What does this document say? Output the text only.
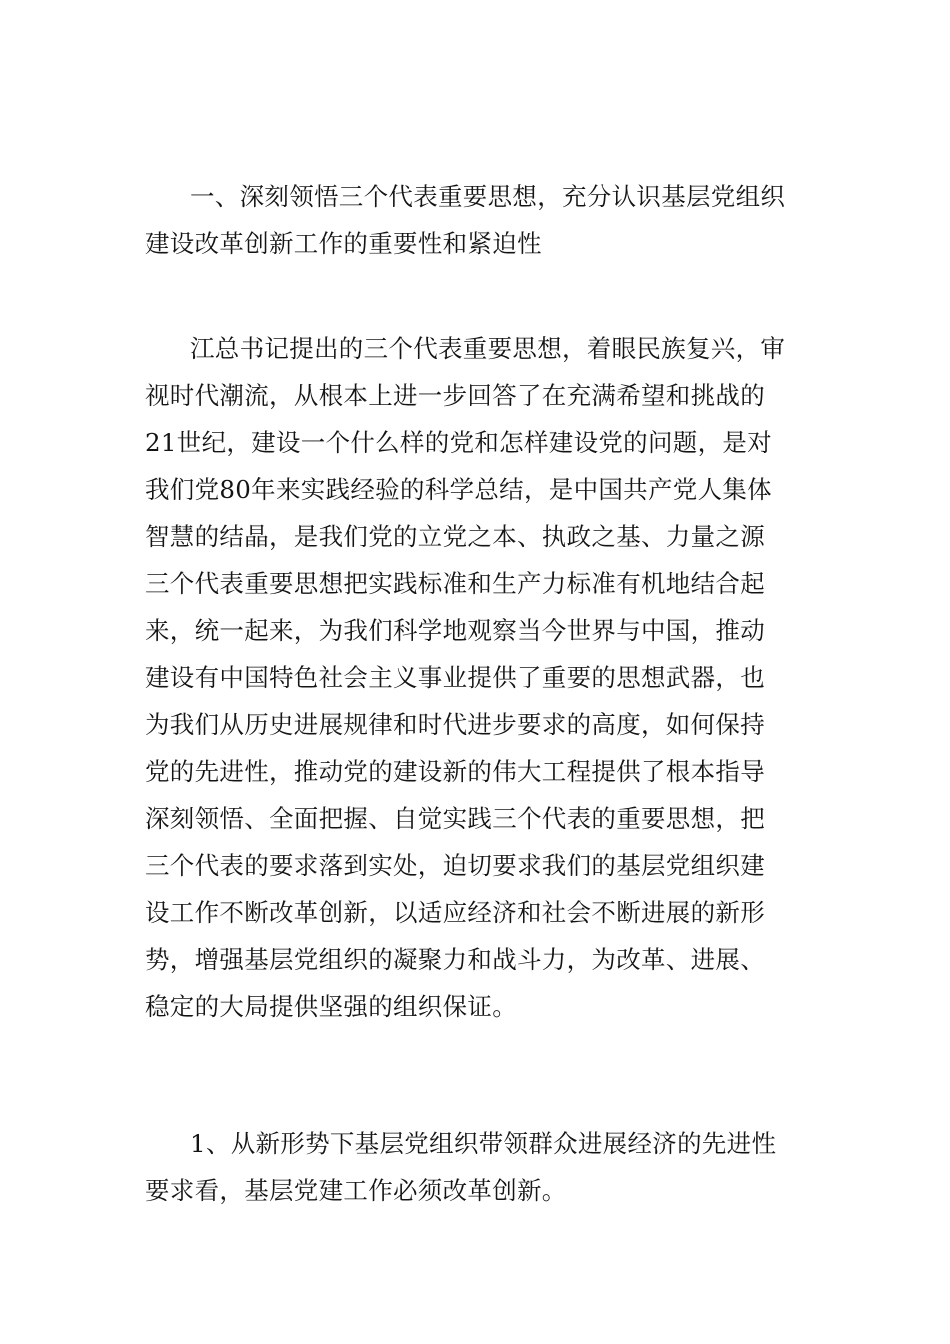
一、深刻领悟三个代表重要思想，充分认识基层党组织
建设改革创新工作的重要性和紧迫性

江总书记提出的三个代表重要思想，着眼民族复兴，审
视时代潮流，从根本上进一步回答了在充满希望和挑战的
21世纪，建设一个什么样的党和怎样建设党的问题，是对
我们党80年来实践经验的科学总结，是中国共产党人集体
智慧的结晶，是我们党的立党之本、执政之基、力量之源
三个代表重要思想把实践标准和生产力标准有机地结合起
来，统一起来，为我们科学地观察当今世界与中国，推动
建设有中国特色社会主义事业提供了重要的思想武器，也
为我们从历史进展规律和时代进步要求的高度，如何保持
党的先进性，推动党的建设新的伟大工程提供了根本指导
深刻领悟、全面把握、自觉实践三个代表的重要思想，把
三个代表的要求落到实处，迫切要求我们的基层党组织建
设工作不断改革创新，以适应经济和社会不断进展的新形
势，增强基层党组织的凝聚力和战斗力，为改革、进展、
稳定的大局提供坚强的组织保证。

1、从新形势下基层党组织带领群众进展经济的先进性
要求看，基层党建工作必须改革创新。
